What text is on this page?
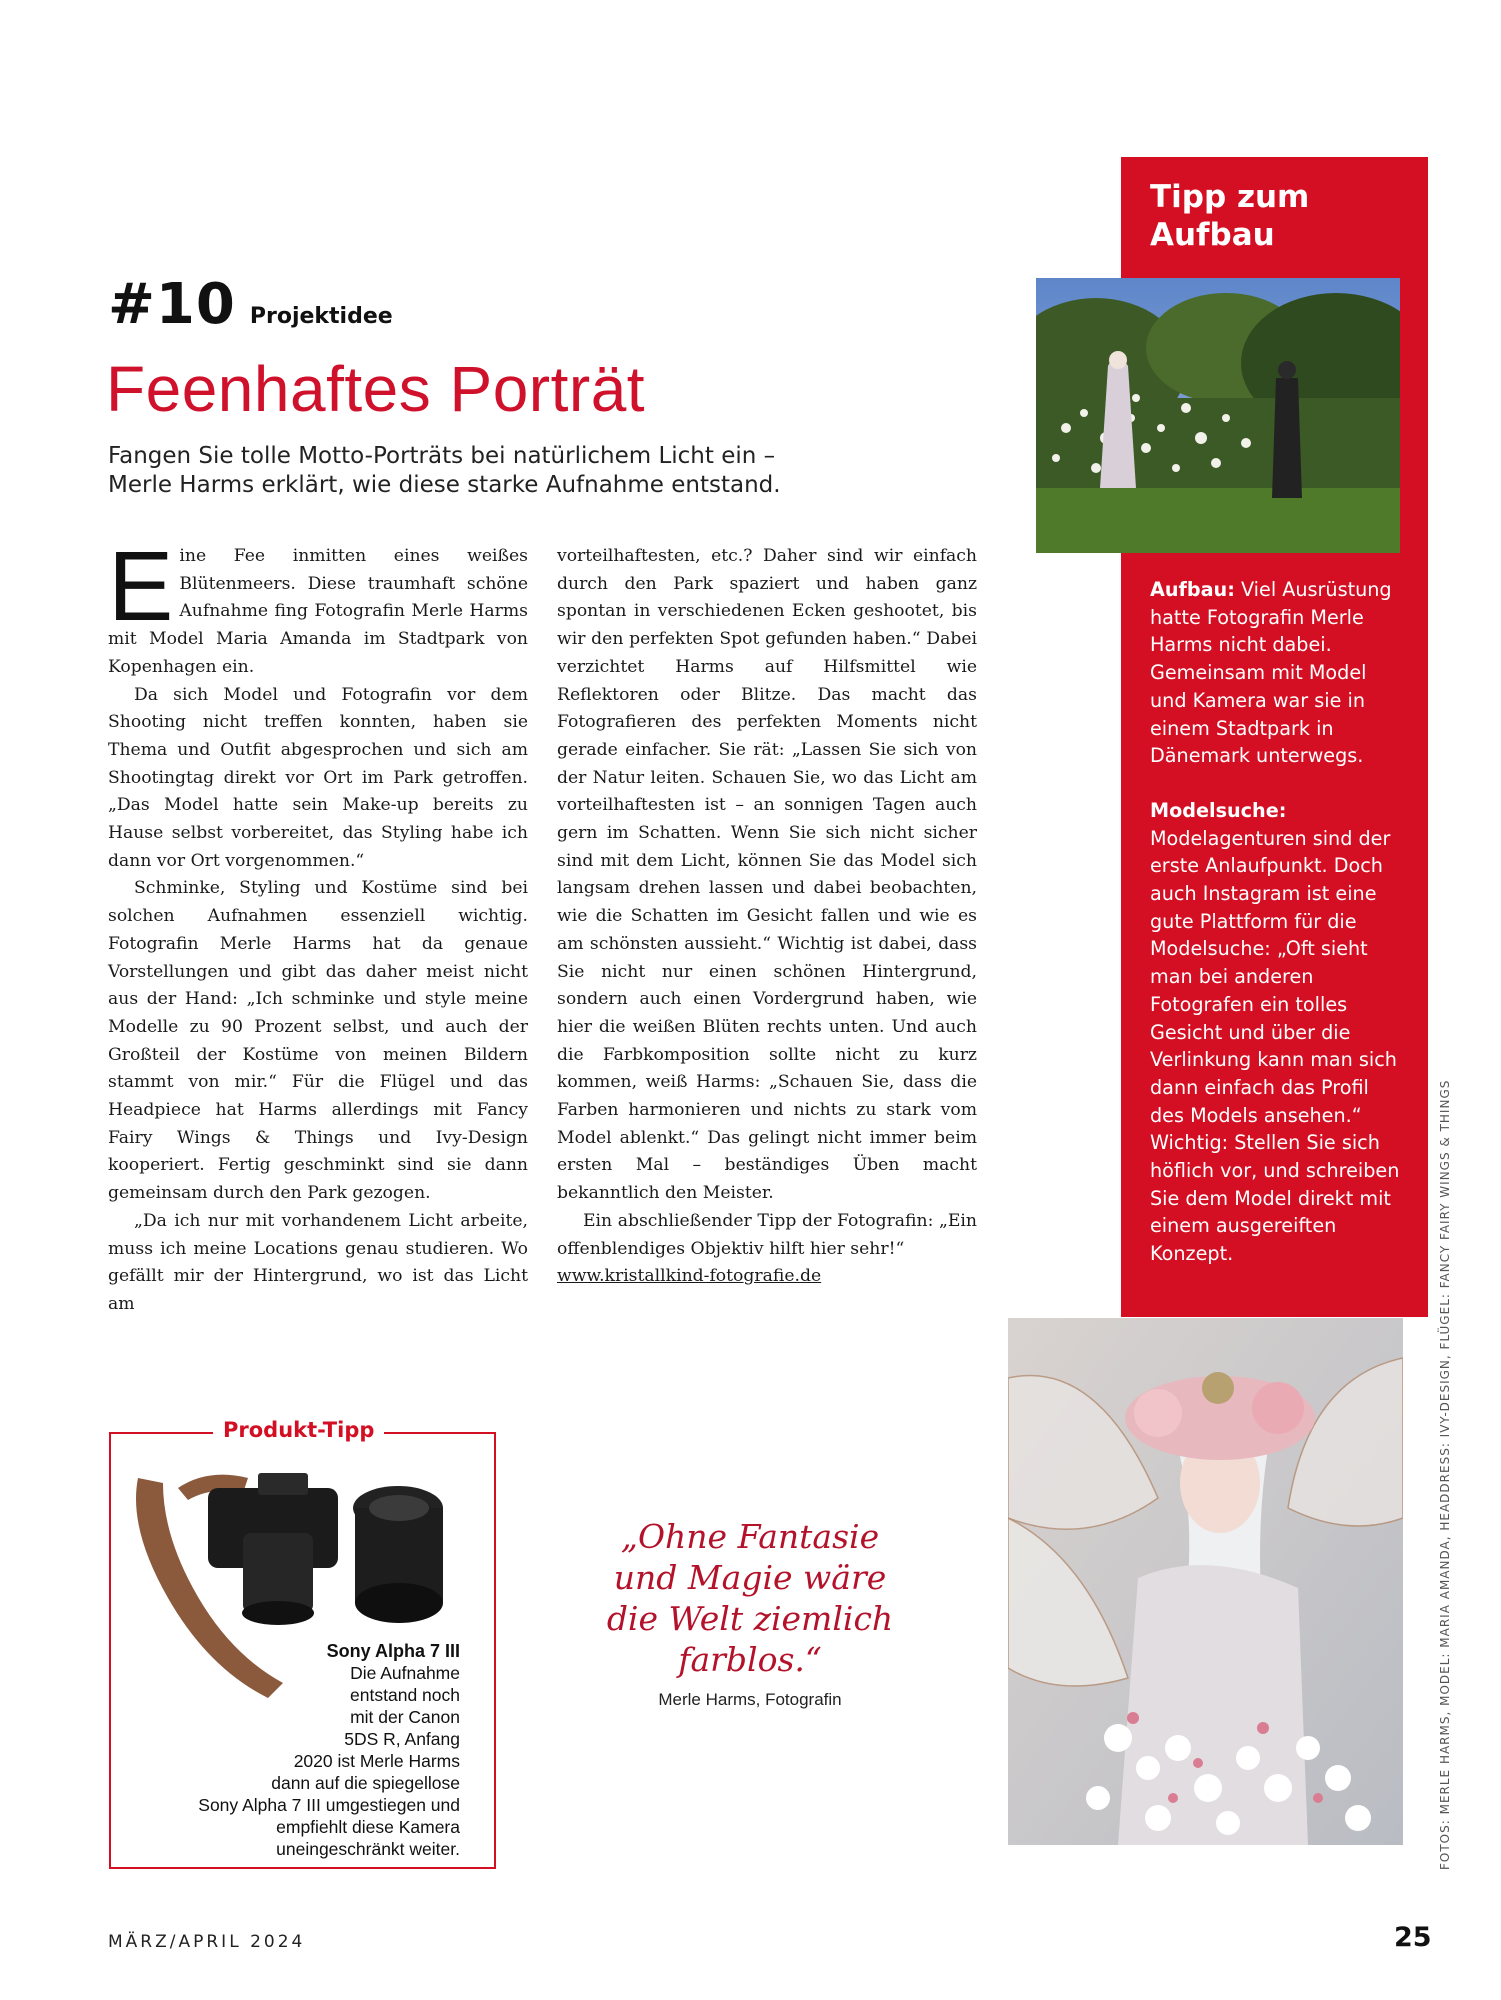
#10 Projektidee
Feenhaftes Porträt

Fangen Sie tolle Motto-Porträts bei natürlichem Licht ein –

Merle Harms erklärt, wie diese starke Aufnahme entstand.

Eine Fee inmitten eines weißes Blütenmeers. Diese traumhaft schöne Aufnahme fing Fotografin Merle Harms mit Model Maria Amanda im Stadtpark von Kopenhagen ein.

Da sich Model und Fotografin vor dem Shooting nicht treffen konnten, haben sie Thema und Outfit abgesprochen und sich am Shootingtag direkt vor Ort im Park getroffen. „Das Model hatte sein Make-up bereits zu Hause selbst vorbereitet, das Styling habe ich dann vor Ort vorgenommen.“

Schminke, Styling und Kostüme sind bei solchen Aufnahmen essenziell wichtig. Fotografin Merle Harms hat da genaue Vorstellungen und gibt das daher meist nicht aus der Hand: „Ich schminke und style meine Modelle zu 90 Prozent selbst, und auch der Großteil der Kostüme von meinen Bildern stammt von mir.“ Für die Flügel und das Headpiece hat Harms allerdings mit Fancy Fairy Wings & Things und Ivy-Design kooperiert. Fertig geschminkt sind sie dann gemeinsam durch den Park gezogen.

„Da ich nur mit vorhandenem Licht arbeite, muss ich meine Locations genau studieren. Wo gefällt mir der Hintergrund, wo ist das Licht am

vorteilhaftesten, etc.? Daher sind wir einfach durch den Park spaziert und haben ganz spontan in verschiedenen Ecken geshootet, bis wir den perfekten Spot gefunden haben.“ Dabei verzichtet Harms auf Hilfsmittel wie Reflektoren oder Blitze. Das macht das Fotografieren des perfekten Moments nicht gerade einfacher. Sie rät: „Lassen Sie sich von der Natur leiten. Schauen Sie, wo das Licht am vorteilhaftesten ist – an sonnigen Tagen auch gern im Schatten. Wenn Sie sich nicht sicher sind mit dem Licht, können Sie das Model sich langsam drehen lassen und dabei beobachten, wie die Schatten im Gesicht fallen und wie es am schönsten aussieht.“ Wichtig ist dabei, dass Sie nicht nur einen schönen Hintergrund, sondern auch einen Vordergrund haben, wie hier die weißen Blüten rechts unten. Und auch die Farbkomposition sollte nicht zu kurz kommen, weiß Harms: „Schauen Sie, dass die Farben harmonieren und nichts zu stark vom Model ablenkt.“ Das gelingt nicht immer beim ersten Mal – beständiges Üben macht bekanntlich den Meister.

Ein abschließender Tipp der Fotografin: „Ein offenblendiges Objektiv hilft hier sehr!“

www.kristallkind-fotografie.de

Tipp zum
Aufbau

Aufbau: Viel Ausrüstung hatte Fotografin Merle Harms nicht dabei. Gemeinsam mit Model und Kamera war sie in einem Stadtpark in Dänemark unterwegs.

Modelsuche: Modelagenturen sind der erste Anlaufpunkt. Doch auch Instagram ist eine gute Plattform für die Modelsuche: „Oft sieht man bei anderen Fotografen ein tolles Gesicht und über die Verlinkung kann man sich dann einfach das Profil des Models ansehen.“ Wichtig: Stellen Sie sich höflich vor, und schreiben Sie dem Model direkt mit einem ausgereiften Konzept.	FOTOS: MERLE HARMS, MODEL: MARIA AMANDA, HEADDRESS: IVY-DESIGN, FLÜGEL: FANCY FAIRY WINGS & THINGS
Produkt-Tipp
Sony Alpha 7 III
Die Aufnahme
entstand noch
mit der Canon
5DS R, Anfang
2020 ist Merle Harms
dann auf die spiegellose
Sony Alpha 7 III umgestiegen und
empfiehlt diese Kamera
uneingeschränkt weiter.
„Ohne Fantasie und Magie wäre die Welt ziemlich farblos.“
Merle Harms, Fotografin
MÄRZ/APRIL 2024	25
